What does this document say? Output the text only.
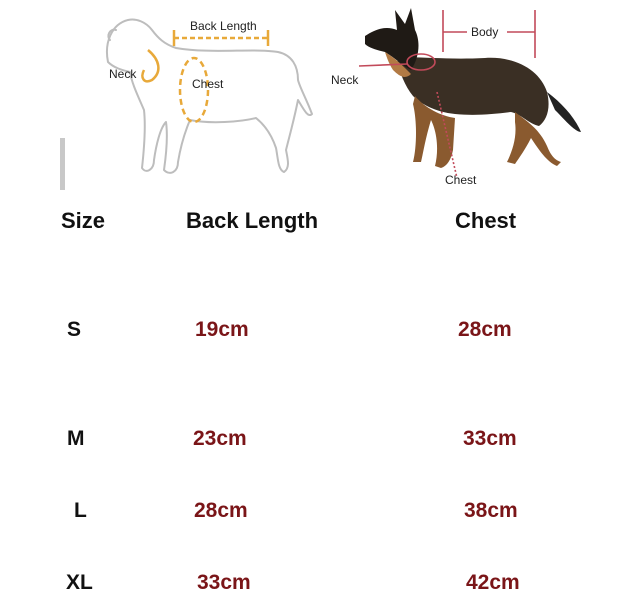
Back Length
Neck
Chest
Body
Neck
Chest
Size	Back Length	Chest
S	19cm	28cm
M	23cm	33cm
L	28cm	38cm
XL	33cm	42cm
